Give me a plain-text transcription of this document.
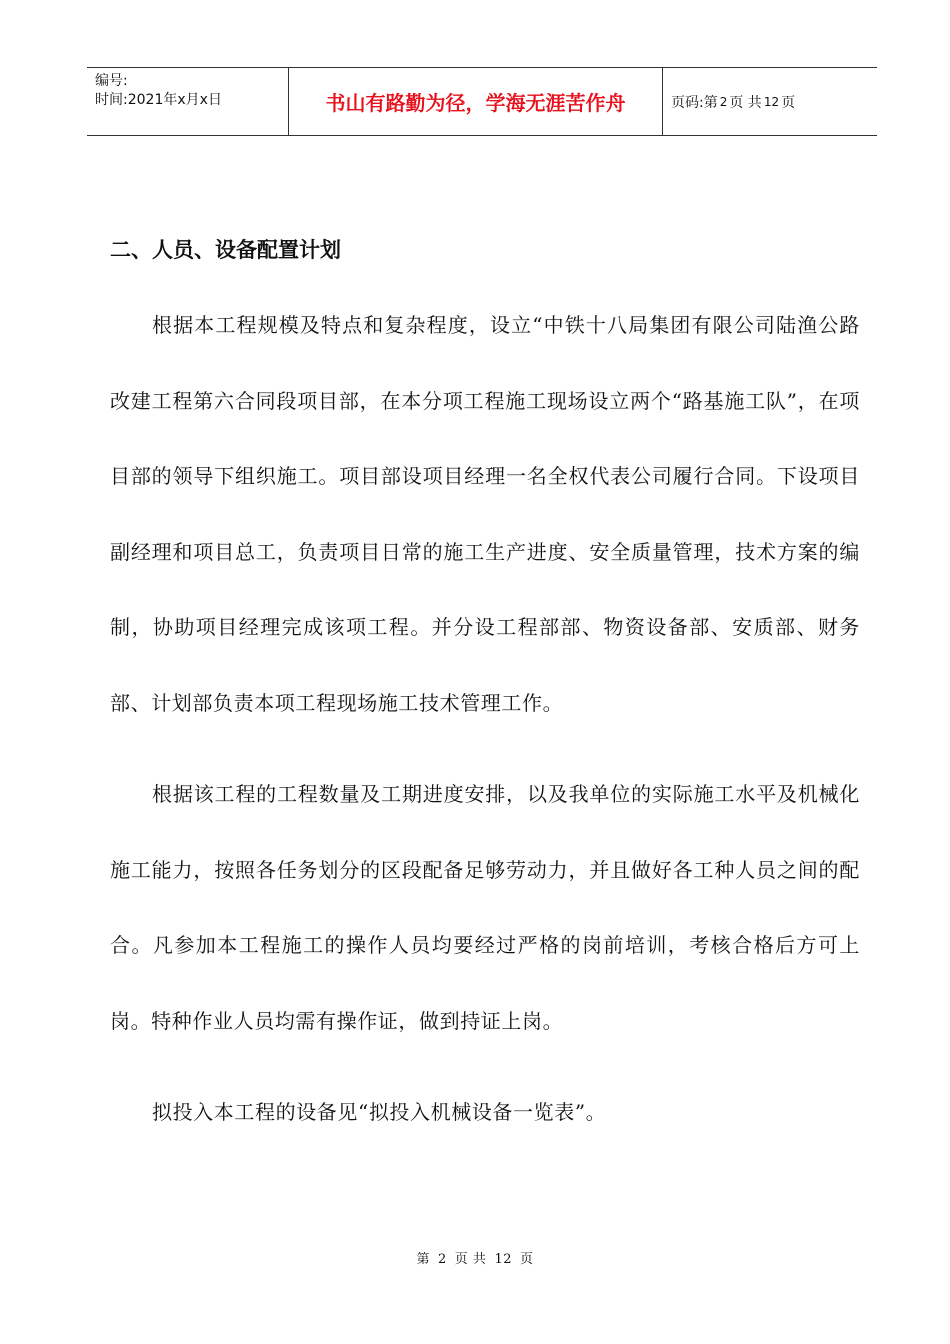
编号:
时间:2021年x月x日	书山有路勤为径，学海无涯苦作舟	页码:第 2 页 共 12 页
二、人员、设备配置计划

根据本工程规模及特点和复杂程度，设立“中铁十八局集团有限公司陆渔公路改建工程第六合同段项目部，在本分项工程施工现场设立两个“路基施工队”，在项目部的领导下组织施工。项目部设项目经理一名全权代表公司履行合同。下设项目副经理和项目总工，负责项目日常的施工生产进度、安全质量管理，技术方案的编制，协助项目经理完成该项工程。并分设工程部部、物资设备部、安质部、财务部、计划部负责本项工程现场施工技术管理工作。

根据该工程的工程数量及工期进度安排，以及我单位的实际施工水平及机械化施工能力，按照各任务划分的区段配备足够劳动力，并且做好各工种人员之间的配合。凡参加本工程施工的操作人员均要经过严格的岗前培训，考核合格后方可上岗。特种作业人员均需有操作证，做到持证上岗。

拟投入本工程的设备见“拟投入机械设备一览表”。

第 2 页 共 12 页
